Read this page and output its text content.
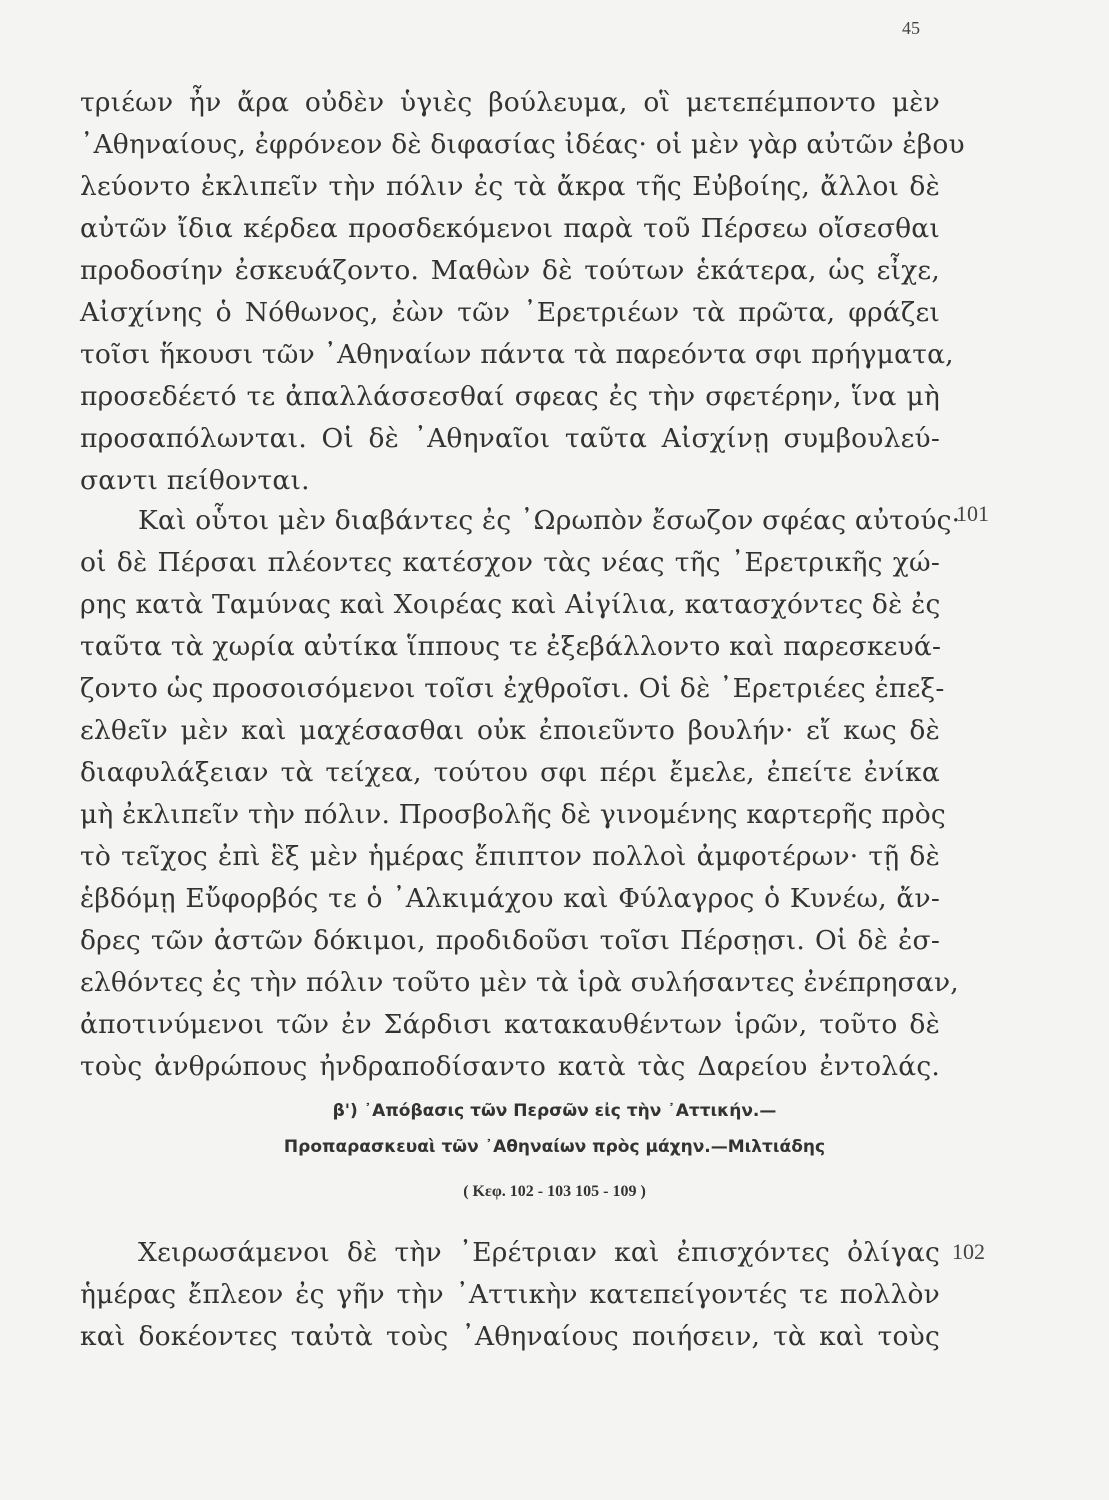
45
τριέων ἦν ἄρα οὐδὲν ὑγιὲς βούλευμα, οἳ μετεπέμποντο μὲν
᾿Αθηναίους, ἐφρόνεον δὲ διφασίας ἰδέας· οἱ μὲν γὰρ αὐτῶν ἐβου
λεύοντο ἐκλιπεῖν τὴν πόλιν ἐς τὰ ἄκρα τῆς Εὐβοίης, ἄλλοι δὲ
αὐτῶν ἴδια κέρδεα προσδεκόμενοι παρὰ τοῦ Πέρσεω οἴσεσθαι
προδοσίην ἐσκευάζοντο. Μαθὼν δὲ τούτων ἑκάτερα, ὡς εἶχε,
Αἰσχίνης ὁ Νόθωνος, ἐὼν τῶν ᾿Ερετριέων τὰ πρῶτα, φράζει
τοῖσι ἥκουσι τῶν ᾿Αθηναίων πάντα τὰ παρεόντα σφι πρήγματα,
προσεδέετό τε ἀπαλλάσσεσθαί σφεας ἐς τὴν σφετέρην, ἵνα μὴ
προσαπόλωνται. Οἱ δὲ ᾿Αθηναῖοι ταῦτα Αἰσχίνῃ συμβουλεύ-
σαντι πείθονται.
101
Καὶ οὗτοι μὲν διαβάντες ἐς ᾿Ωρωπὸν ἔσωζον σφέας αὐτούς·
οἱ δὲ Πέρσαι πλέοντες κατέσχον τὰς νέας τῆς ᾿Ερετρικῆς χώ-
ρης κατὰ Ταμύνας καὶ Χοιρέας καὶ Αἰγίλια, κατασχόντες δὲ ἐς
ταῦτα τὰ χωρία αὐτίκα ἵππους τε ἐξεβάλλοντο καὶ παρεσκευά-
ζοντο ὡς προσοισόμενοι τοῖσι ἐχθροῖσι. Οἱ δὲ ᾿Ερετριέες ἐπεξ-
ελθεῖν μὲν καὶ μαχέσασθαι οὐκ ἐποιεῦντο βουλήν· εἴ κως δὲ
διαφυλάξειαν τὰ τείχεα, τούτου σφι πέρι ἔμελε, ἐπείτε ἐνίκα
μὴ ἐκλιπεῖν τὴν πόλιν. Προσβολῆς δὲ γινομένης καρτερῆς πρὸς
τὸ τεῖχος ἐπὶ ἓξ μὲν ἡμέρας ἔπιπτον πολλοὶ ἀμφοτέρων· τῇ δὲ
ἑβδόμῃ Εὔφορβός τε ὁ ᾿Αλκιμάχου καὶ Φύλαγρος ὁ Κυνέω, ἄν-
δρες τῶν ἀστῶν δόκιμοι, προδιδοῦσι τοῖσι Πέρσῃσι. Οἱ δὲ ἐσ-
ελθόντες ἐς τὴν πόλιν τοῦτο μὲν τὰ ἱρὰ συλήσαντες ἐνέπρησαν,
ἀποτινύμενοι τῶν ἐν Σάρδισι κατακαυθέντων ἱρῶν, τοῦτο δὲ
τοὺς ἀνθρώπους ἠνδραποδίσαντο κατὰ τὰς Δαρείου ἐντολάς.
β') ᾿Απόβασις τῶν Περσῶν εἰς τὴν ᾿Αττικήν.—
Προπαρασκευαὶ τῶν ᾿Αθηναίων πρὸς μάχην.—Μιλτιάδης
( Κεφ. 102 - 103 105 - 109 )
102
Χειρωσάμενοι δὲ τὴν ᾿Ερέτριαν καὶ ἐπισχόντες ὀλίγας
ἡμέρας ἔπλεον ἐς γῆν τὴν ᾿Αττικὴν κατεπείγοντές τε πολλὸν
καὶ δοκέοντες ταὐτὰ τοὺς ᾿Αθηναίους ποιήσειν, τὰ καὶ τοὺς
